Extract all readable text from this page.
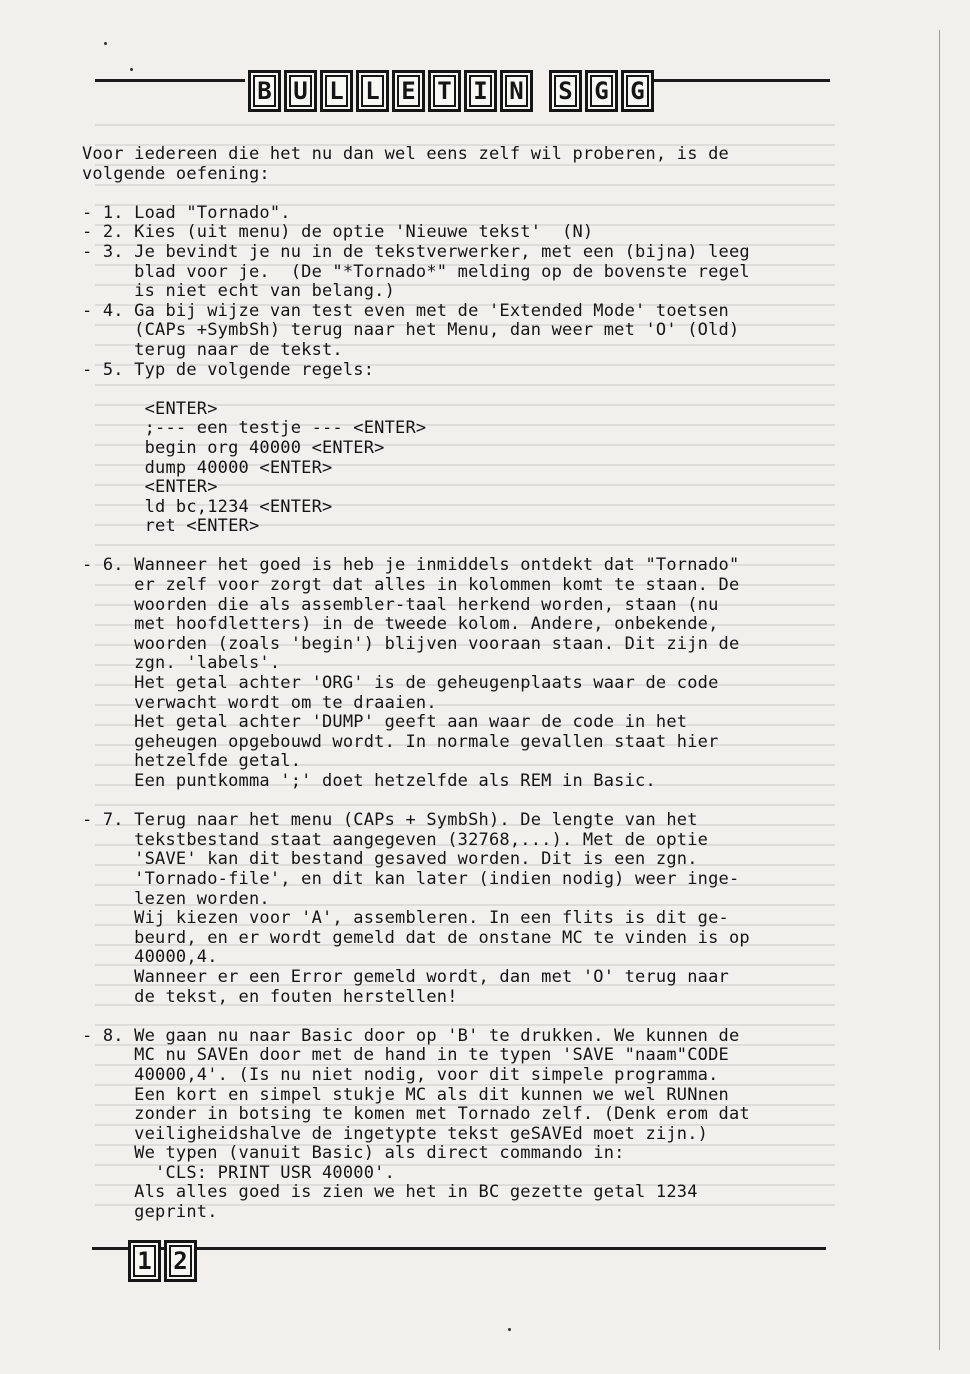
B U L L E T I N	S G G
Voor iedereen die het nu dan wel eens zelf wil proberen, is de
volgende oefening:
- 1. Load "Tornado".
- 2. Kies (uit menu) de optie 'Nieuwe tekst'  (N)
- 3. Je bevindt je nu in de tekstverwerker, met een (bijna) leeg
blad voor je.  (De "*Tornado*" melding op de bovenste regel
is niet echt van belang.)
- 4. Ga bij wijze van test even met de 'Extended Mode' toetsen
(CAPs +SymbSh) terug naar het Menu, dan weer met 'O' (Old)
terug naar de tekst.
- 5. Typ de volgende regels:
<ENTER>
;--- een testje --- <ENTER>
begin org 40000 <ENTER>
dump 40000 <ENTER>
<ENTER>
ld bc,1234 <ENTER>
ret <ENTER>
- 6. Wanneer het goed is heb je inmiddels ontdekt dat "Tornado"
er zelf voor zorgt dat alles in kolommen komt te staan. De
woorden die als assembler-taal herkend worden, staan (nu
met hoofdletters) in de tweede kolom. Andere, onbekende,
woorden (zoals 'begin') blijven vooraan staan. Dit zijn de
zgn. 'labels'.
Het getal achter 'ORG' is de geheugenplaats waar de code
verwacht wordt om te draaien.
Het getal achter 'DUMP' geeft aan waar de code in het
geheugen opgebouwd wordt. In normale gevallen staat hier
hetzelfde getal.
Een puntkomma ';' doet hetzelfde als REM in Basic.
- 7. Terug naar het menu (CAPs + SymbSh). De lengte van het
tekstbestand staat aangegeven (32768,...). Met de optie
'SAVE' kan dit bestand gesaved worden. Dit is een zgn.
'Tornado-file', en dit kan later (indien nodig) weer inge-
lezen worden.
Wij kiezen voor 'A', assembleren. In een flits is dit ge-
beurd, en er wordt gemeld dat de onstane MC te vinden is op
40000,4.
Wanneer er een Error gemeld wordt, dan met 'O' terug naar
de tekst, en fouten herstellen!
- 8. We gaan nu naar Basic door op 'B' te drukken. We kunnen de
MC nu SAVEn door met de hand in te typen 'SAVE "naam"CODE
40000,4'. (Is nu niet nodig, voor dit simpele programma.
Een kort en simpel stukje MC als dit kunnen we wel RUNnen
zonder in botsing te komen met Tornado zelf. (Denk erom dat
veiligheidshalve de ingetypte tekst geSAVEd moet zijn.)
We typen (vanuit Basic) als direct commando in:
'CLS: PRINT USR 40000'.
Als alles goed is zien we het in BC gezette getal 1234
geprint.
1 2
